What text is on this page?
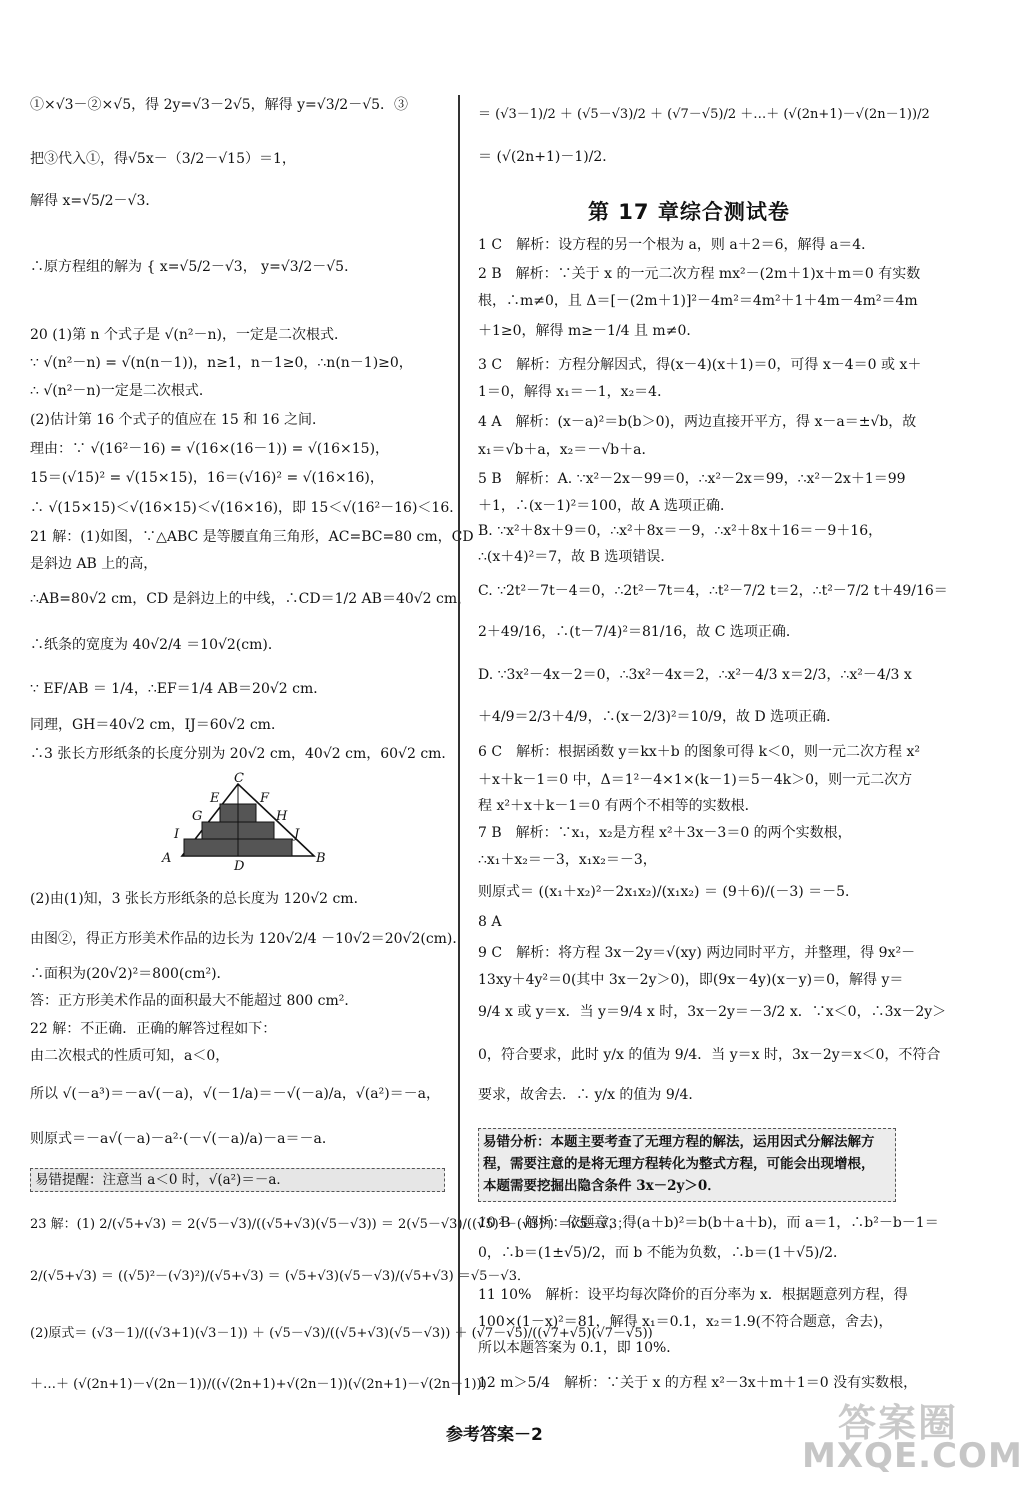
①×√3－②×√5，得 2y=√3－2√5，解得 y=√3/2－√5．③
把③代入①，得√5x－（3/2－√15）＝1，
解得 x=√5/2－√3．
∴原方程组的解为 { x=√5/2－√3， y=√3/2－√5．
20 (1)第 n 个式子是 √(n²－n)，一定是二次根式．
∵ √(n²－n) = √(n(n－1))，n≥1，n－1≥0，∴n(n－1)≥0，
∴ √(n²－n)一定是二次根式．
(2)估计第 16 个式子的值应在 15 和 16 之间．
理由：∵ √(16²－16) = √(16×(16－1)) = √(16×15)，
15＝(√15)² = √(15×15)，16＝(√16)² = √(16×16)，
∴ √(15×15)＜√(16×15)＜√(16×16)，即 15＜√(16²－16)＜16．
21 解：(1)如图，∵△ABC 是等腰直角三角形，AC=BC=80 cm，CD
是斜边 AB 上的高，
∴AB=80√2 cm，CD 是斜边上的中线，∴CD＝1/2 AB＝40√2 cm，
∴纸条的宽度为 40√2/4 ＝10√2(cm)．
∵ EF/AB ＝ 1/4，∴EF＝1/4 AB＝20√2 cm．
同理，GH＝40√2 cm，IJ＝60√2 cm．
∴3 张长方形纸条的长度分别为 20√2 cm，40√2 cm，60√2 cm．
C
E	F
G	H
I	J
A
D
B
(2)由(1)知，3 张长方形纸条的总长度为 120√2 cm．
由图②，得正方形美术作品的边长为 120√2/4 －10√2＝20√2(cm)．
∴面积为(20√2)²＝800(cm²)．
答：正方形美术作品的面积最大不能超过 800 cm²．
22 解：不正确．正确的解答过程如下：
由二次根式的性质可知，a＜0，
所以 √(－a³)＝－a√(－a)，√(－1/a)＝－√(－a)/a，√(a²)＝－a，
则原式＝－a√(－a)－a²·(－√(－a)/a)－a＝－a．
易错提醒：注意当 a＜0 时，√(a²)＝－a．
23 解：(1) 2/(√5+√3) ＝ 2(√5－√3)/((√5+√3)(√5－√3)) ＝ 2(√5－√3)/((√5)²－(√3)²) ＝√5－√3；
2/(√5+√3) ＝ ((√5)²－(√3)²)/(√5+√3) ＝ (√5+√3)(√5－√3)/(√5+√3) ＝√5－√3．
(2)原式＝ (√3－1)/((√3+1)(√3－1)) ＋ (√5－√3)/((√5+√3)(√5－√3)) ＋ (√7－√5)/((√7+√5)(√7－√5))
＋…＋ (√(2n+1)－√(2n－1))/((√(2n+1)+√(2n－1))(√(2n+1)－√(2n－1)))
＝ (√3－1)/2 ＋ (√5－√3)/2 ＋ (√7－√5)/2 ＋…＋ (√(2n+1)－√(2n－1))/2
＝ (√(2n+1)－1)/2．
第 17 章综合测试卷
1 C　解析：设方程的另一个根为 a，则 a＋2＝6，解得 a＝4．
2 B　解析：∵关于 x 的一元二次方程 mx²－(2m＋1)x＋m＝0 有实数
根，∴m≠0，且 Δ＝[－(2m＋1)]²－4m²＝4m²＋1＋4m－4m²＝4m
＋1≥0，解得 m≥－1/4 且 m≠0．
3 C　解析：方程分解因式，得(x－4)(x＋1)＝0，可得 x－4＝0 或 x＋
1＝0，解得 x₁＝－1，x₂＝4．
4 A　解析：(x－a)²＝b(b＞0)，两边直接开平方，得 x－a＝±√b，故
x₁＝√b＋a，x₂＝－√b＋a．
5 B　解析：A. ∵x²－2x－99＝0，∴x²－2x＝99，∴x²－2x＋1＝99
＋1，∴(x－1)²＝100，故 A 选项正确．
B. ∵x²＋8x＋9＝0，∴x²＋8x＝－9，∴x²＋8x＋16＝－9＋16，
∴(x＋4)²＝7，故 B 选项错误．
C. ∵2t²－7t－4＝0，∴2t²－7t＝4，∴t²－7/2 t＝2，∴t²－7/2 t＋49/16＝
2＋49/16，∴(t－7/4)²＝81/16，故 C 选项正确．
D. ∵3x²－4x－2＝0，∴3x²－4x＝2，∴x²－4/3 x＝2/3，∴x²－4/3 x
＋4/9＝2/3＋4/9，∴(x－2/3)²＝10/9，故 D 选项正确．
6 C　解析：根据函数 y＝kx＋b 的图象可得 k＜0，则一元二次方程 x²
＋x＋k－1＝0 中，Δ＝1²－4×1×(k－1)＝5－4k＞0，则一元二次方
程 x²＋x＋k－1＝0 有两个不相等的实数根．
7 B　解析：∵x₁，x₂是方程 x²＋3x－3＝0 的两个实数根，
∴x₁＋x₂＝－3，x₁x₂＝－3，
则原式＝ ((x₁＋x₂)²－2x₁x₂)/(x₁x₂) ＝ (9＋6)/(－3) ＝－5．
8 A
9 C　解析：将方程 3x－2y＝√(xy) 两边同时平方，并整理，得 9x²－
13xy＋4y²＝0(其中 3x－2y＞0)，即(9x－4y)(x－y)＝0，解得 y＝
9/4 x 或 y＝x．当 y＝9/4 x 时，3x－2y＝－3/2 x．∵x＜0，∴3x－2y＞
0，符合要求，此时 y/x 的值为 9/4．当 y＝x 时，3x－2y＝x＜0，不符合
要求，故舍去．∴ y/x 的值为 9/4．
易错分析：本题主要考查了无理方程的解法，运用因式分解法解方
程，需要注意的是将无理方程转化为整式方程，可能会出现增根，
本题需要挖掘出隐含条件 3x－2y＞0．
10 B　解析：依题意，得(a＋b)²＝b(b＋a＋b)，而 a＝1，∴b²－b－1＝
0，∴b＝(1±√5)/2，而 b 不能为负数，∴b＝(1＋√5)/2．
11 10%　解析：设平均每次降价的百分率为 x．根据题意列方程，得
100×(1－x)²＝81，解得 x₁＝0.1，x₂＝1.9(不符合题意，舍去)，
所以本题答案为 0.1，即 10%．
12 m＞5/4　解析：∵关于 x 的方程 x²－3x＋m＋1＝0 没有实数根，
参考答案－2	答案圈
MXQE.COM
